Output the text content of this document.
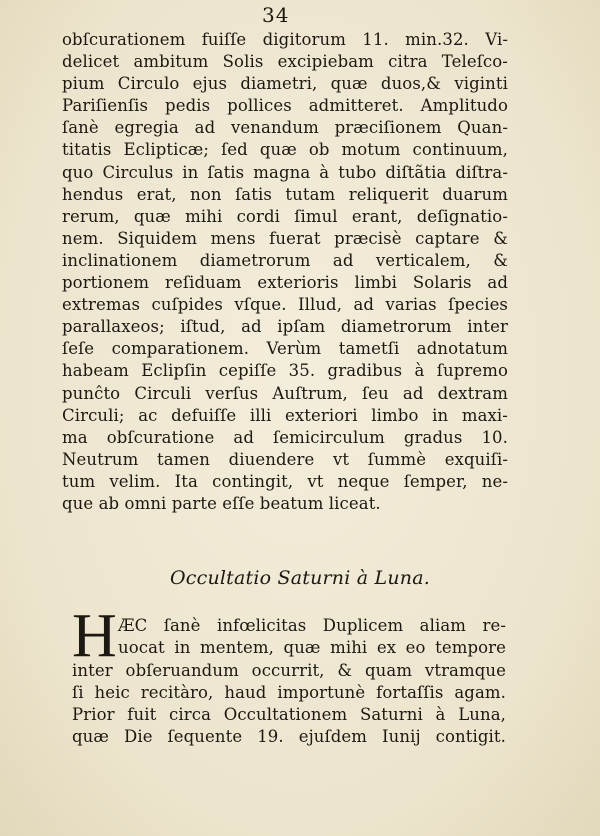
34
obſcurationem fuiſſe digitorum 11. min.32. Vi-
delicet ambitum Solis excipiebam citra Teleſco-
pium Circulo ejus diametri, quæ duos,& viginti
Pariſienſis pedis pollices admitteret. Amplitudo
ſanè egregia ad venandum præciſionem Quan-
titatis Eclipticæ; ſed quæ ob motum continuum,
quo Circulus in ſatis magna à tubo diſtãtia diſtra-
hendus erat, non ſatis tutam reliquerit duarum
rerum, quæ mihi cordi ſimul erant, deſignatio-
nem. Siquidem mens fuerat præcisè captare &
inclinationem diametrorum ad verticalem, &
portionem reſiduam exterioris limbi Solaris ad
extremas cuſpides vſque. Illud, ad varias ſpecies
parallaxeos; iſtud, ad ipſam diametrorum inter
ſeſe comparationem. Verùm tametſi adnotatum
habeam Eclipſin cepiſſe 35. gradibus à ſupremo
punĉto Circuli verſus Auſtrum, ſeu ad dextram
Circuli; ac defuiſſe illi exteriori limbo in maxi-
ma obſcuratione ad ſemicirculum gradus 10.
Neutrum tamen diuendere vt ſummè exquiſi-
tum velim. Ita contingit, vt neque ſemper, ne-
que ab omni parte eſſe beatum liceat.
Occultatio Saturni à Luna.
H ÆC ſanè infœlicitas Duplicem aliam re-
uocat in mentem, quæ mihi ex eo tempore
inter obſeruandum occurrit, & quam vtramque
ſi heic recitàro, haud importunè fortaſſis agam.
Prior fuit circa Occultationem Saturni à Luna,
quæ Die ſequente 19. ejuſdem Iunij contigit.
